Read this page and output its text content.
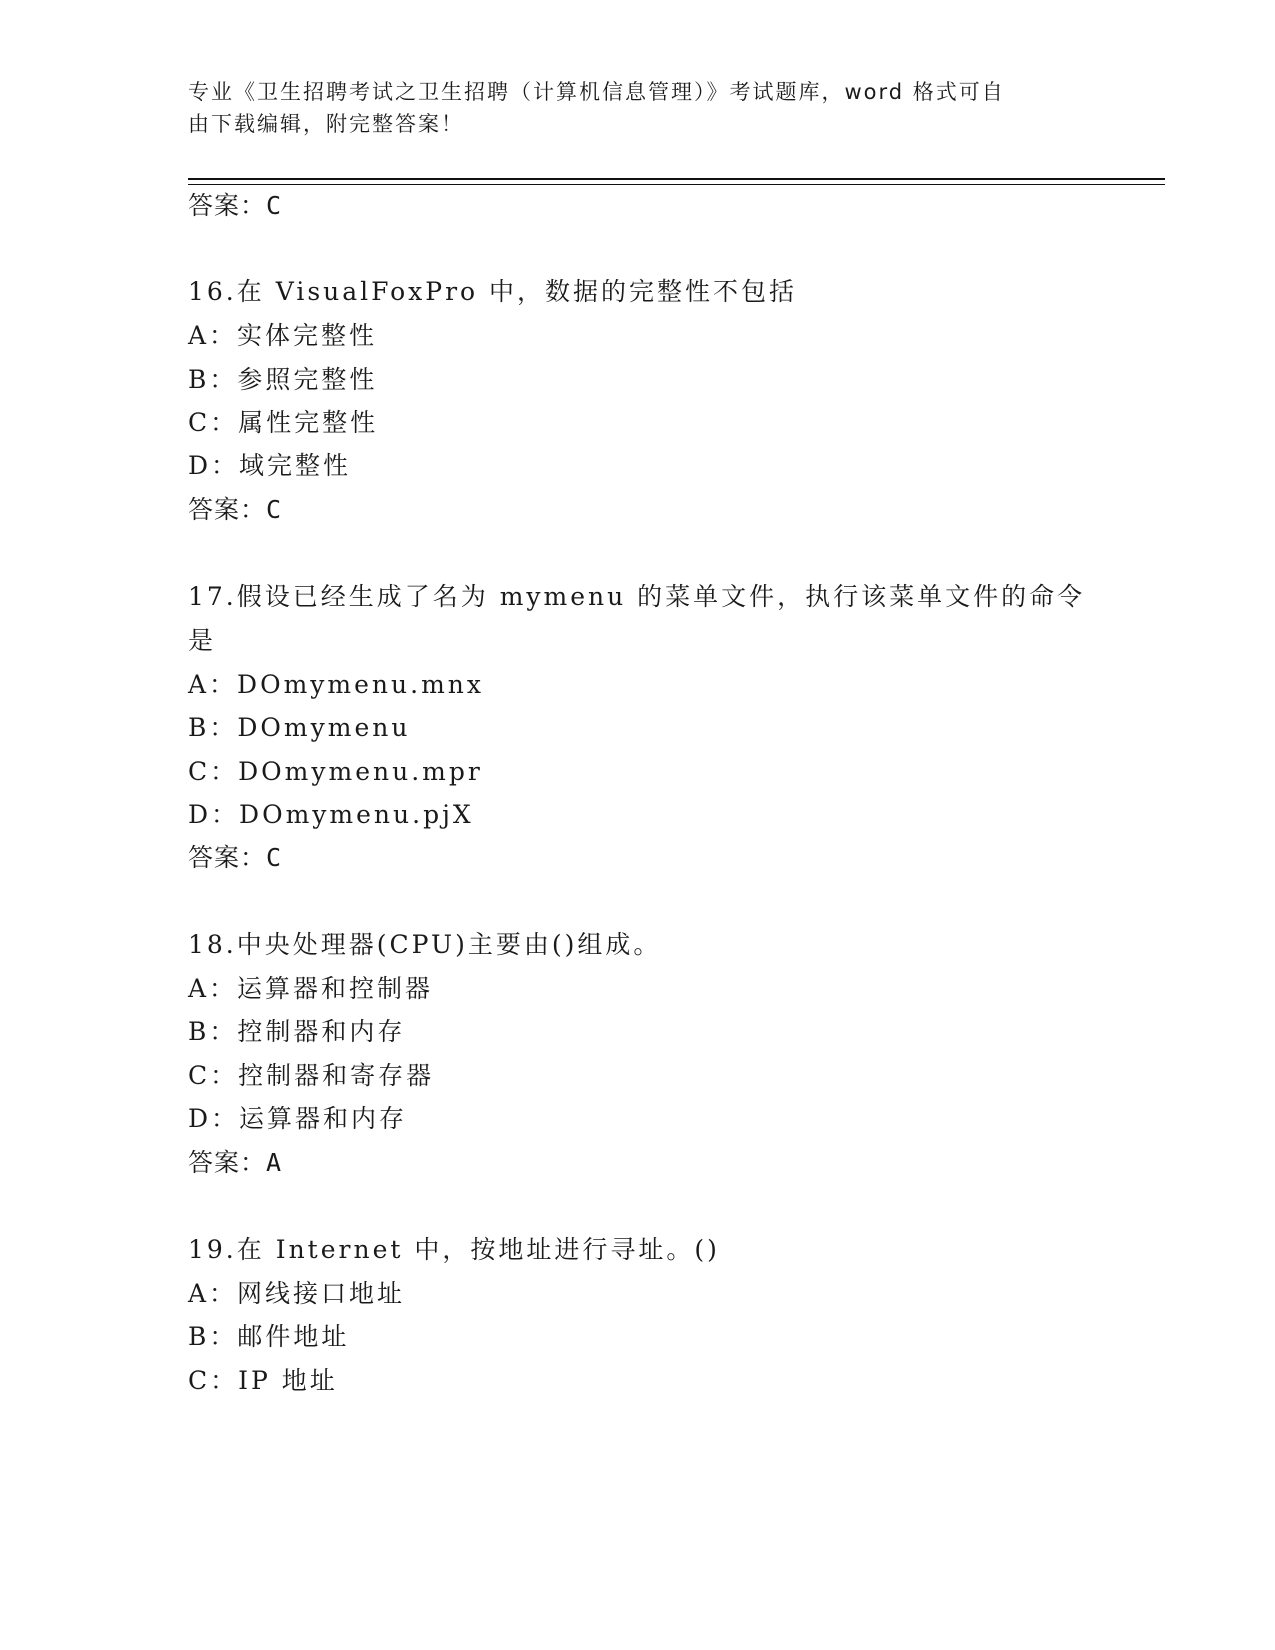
专业《卫生招聘考试之卫生招聘（计算机信息管理）》考试题库，word 格式可自
由下载编辑，附完整答案！
答案：C
16.在 VisualFoxPro 中，数据的完整性不包括
A：实体完整性
B：参照完整性
C：属性完整性
D：域完整性
答案：C
17.假设已经生成了名为 mymenu 的菜单文件，执行该菜单文件的命令
是
A：DOmymenu.mnx
B：DOmymenu
C：DOmymenu.mpr
D：DOmymenu.pjX
答案：C
18.中央处理器(CPU)主要由()组成。
A：运算器和控制器
B：控制器和内存
C：控制器和寄存器
D：运算器和内存
答案：A
19.在 Internet 中，按地址进行寻址。()
A：网线接口地址
B：邮件地址
C：IP 地址
